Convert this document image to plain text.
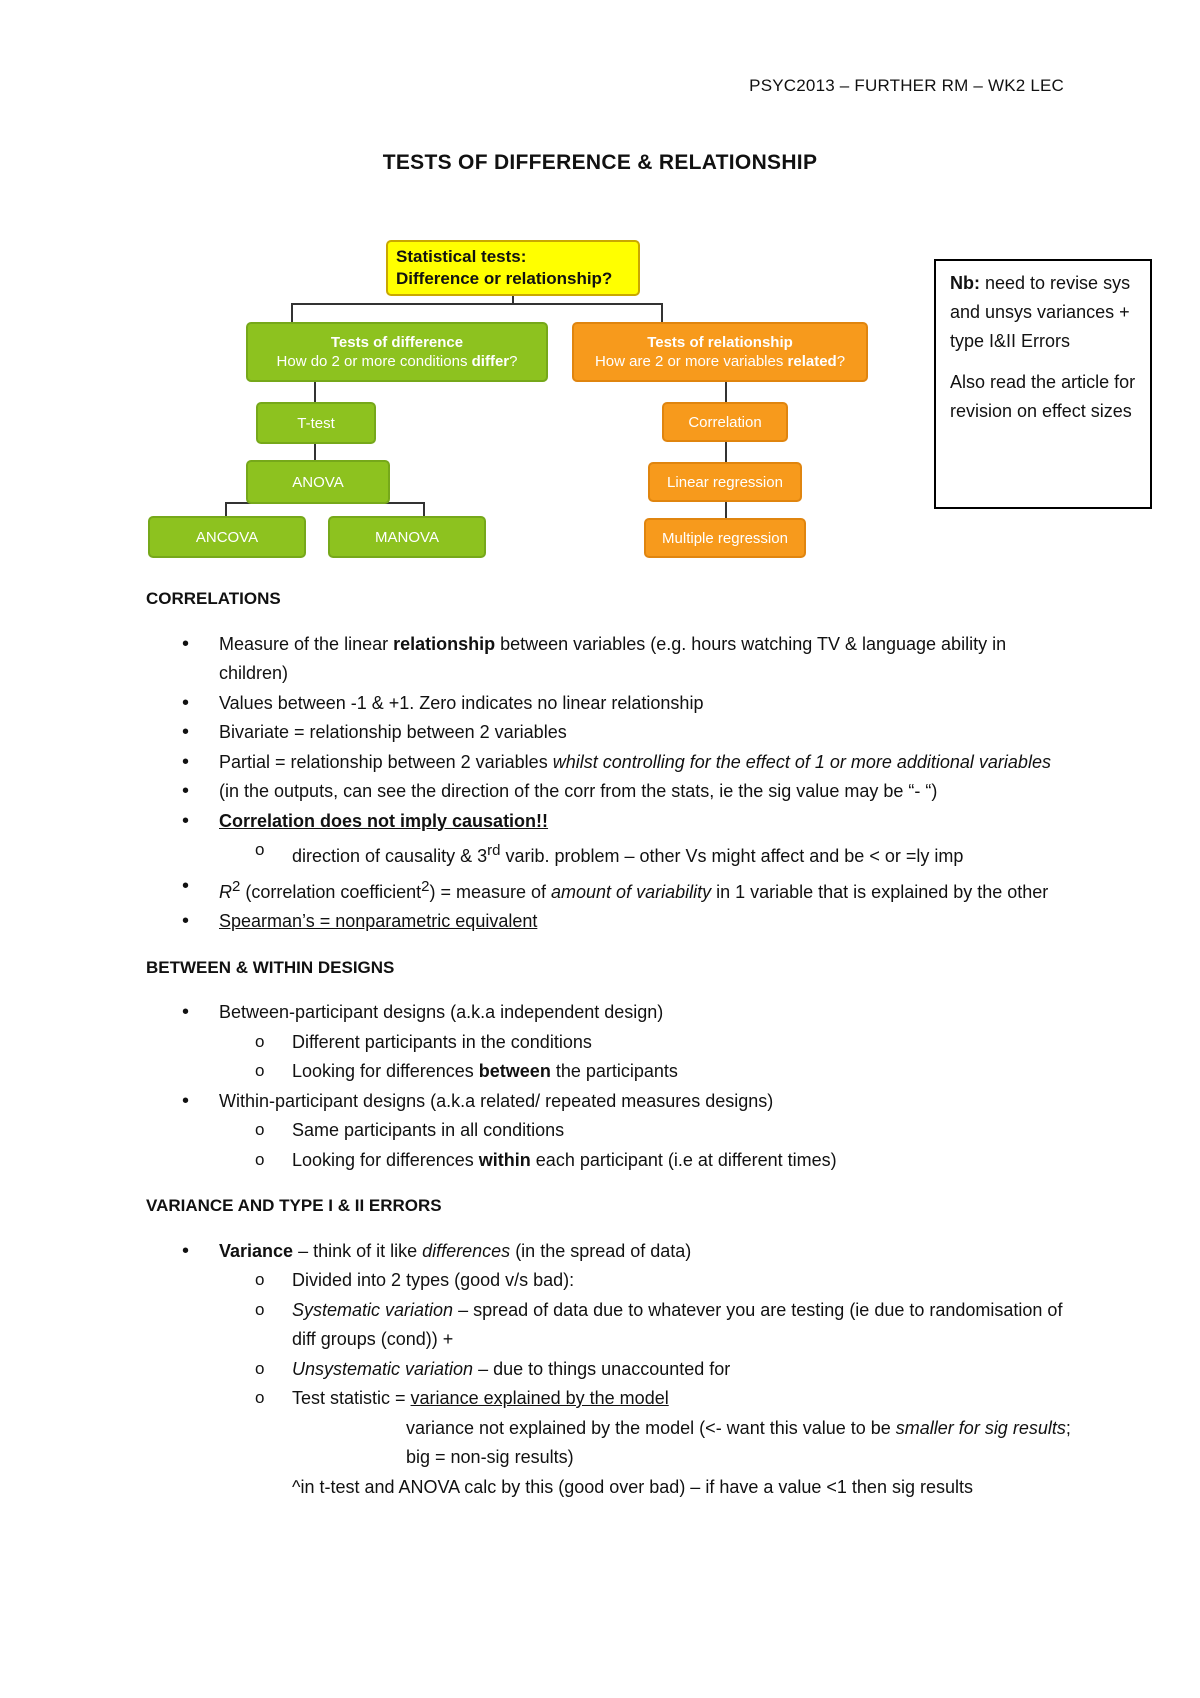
PSYC2013 – FURTHER RM – WK2 LEC
TESTS OF DIFFERENCE & RELATIONSHIP
Statistical tests:
Difference or relationship?
Tests of difference
How do 2 or more conditions differ?
Tests of relationship
How are 2 or more variables related?
T-test
ANOVA
ANCOVA	MANOVA
Correlation
Linear regression
Multiple regression

Nb: need to revise sys and unsys variances + type I&II Errors

Also read the article for revision on effect sizes

CORRELATIONS
• Measure of the linear relationship between variables (e.g. hours watching TV & language ability in children)
• Values between -1 & +1. Zero indicates no linear relationship
• Bivariate = relationship between 2 variables
• Partial = relationship between 2 variables whilst controlling for the effect of 1 or more additional variables
• (in the outputs, can see the direction of the corr from the stats, ie the sig value may be “- “)
• Correlation does not imply causation!!
o direction of causality & 3rd varib. problem – other Vs might affect and be < or =ly imp
• $R^2$ (correlation coefficient$^2$) = measure of amount of variability in 1 variable that is explained by the other
• Spearman’s = nonparametric equivalent
BETWEEN & WITHIN DESIGNS
• Between-participant designs (a.k.a independent design)
o Different participants in the conditions
o Looking for differences between the participants
• Within-participant designs (a.k.a related/ repeated measures designs)
o Same participants in all conditions
o Looking for differences within each participant (i.e at different times)
VARIANCE AND TYPE I & II ERRORS
• Variance – think of it like differences (in the spread of data)
o Divided into 2 types (good v/s bad):
o Systematic variation – spread of data due to whatever you are testing (ie due to randomisation of diff groups (cond)) +
o Unsystematic variation – due to things unaccounted for
o Test statistic = variance explained by the model
variance not explained by the model (<- want this value to be smaller for sig results; big = non-sig results)
^in t-test and ANOVA calc by this (good over bad) – if have a value <1 then sig results
